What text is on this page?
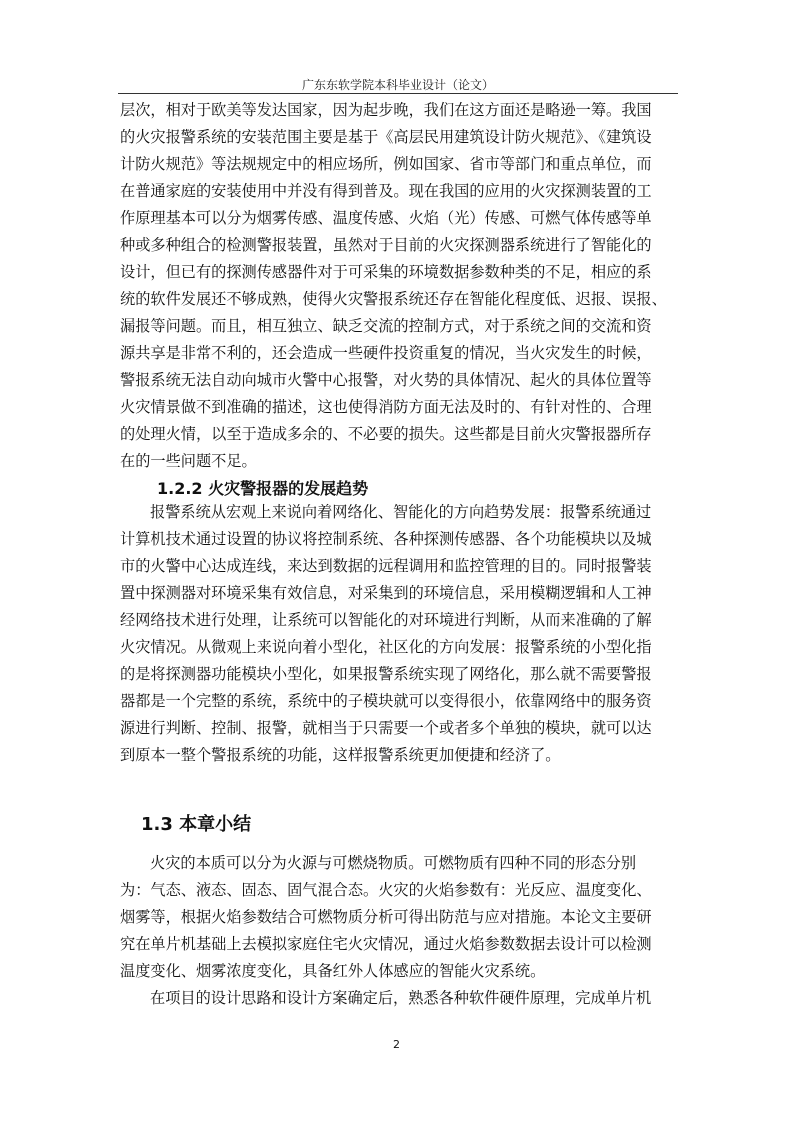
广东东软学院本科毕业设计（论文）
层次，相对于欧美等发达国家，因为起步晚，我们在这方面还是略逊一筹。我国
的火灾报警系统的安装范围主要是基于《高层民用建筑设计防火规范》、《建筑设
计防火规范》等法规规定中的相应场所，例如国家、省市等部门和重点单位，而
在普通家庭的安装使用中并没有得到普及。现在我国的应用的火灾探测装置的工
作原理基本可以分为烟雾传感、温度传感、火焰（光）传感、可燃气体传感等单
种或多种组合的检测警报装置，虽然对于目前的火灾探测器系统进行了智能化的
设计，但已有的探测传感器件对于可采集的环境数据参数种类的不足，相应的系
统的软件发展还不够成熟，使得火灾警报系统还存在智能化程度低、迟报、误报、
漏报等问题。而且，相互独立、缺乏交流的控制方式，对于系统之间的交流和资
源共享是非常不利的，还会造成一些硬件投资重复的情况，当火灾发生的时候，
警报系统无法自动向城市火警中心报警，对火势的具体情况、起火的具体位置等
火灾情景做不到准确的描述，这也使得消防方面无法及时的、有针对性的、合理
的处理火情，以至于造成多余的、不必要的损失。这些都是目前火灾警报器所存
在的一些问题不足。
1.2.2 火灾警报器的发展趋势
报警系统从宏观上来说向着网络化、智能化的方向趋势发展：报警系统通过
计算机技术通过设置的协议将控制系统、各种探测传感器、各个功能模块以及城
市的火警中心达成连线，来达到数据的远程调用和监控管理的目的。同时报警装
置中探测器对环境采集有效信息，对采集到的环境信息，采用模糊逻辑和人工神
经网络技术进行处理，让系统可以智能化的对环境进行判断，从而来准确的了解
火灾情况。从微观上来说向着小型化，社区化的方向发展：报警系统的小型化指
的是将探测器功能模块小型化，如果报警系统实现了网络化，那么就不需要警报
器都是一个完整的系统，系统中的子模块就可以变得很小，依靠网络中的服务资
源进行判断、控制、报警，就相当于只需要一个或者多个单独的模块，就可以达
到原本一整个警报系统的功能，这样报警系统更加便捷和经济了。
1.3 本章小结
火灾的本质可以分为火源与可燃烧物质。可燃物质有四种不同的形态分别
为：气态、液态、固态、固气混合态。火灾的火焰参数有：光反应、温度变化、
烟雾等，根据火焰参数结合可燃物质分析可得出防范与应对措施。本论文主要研
究在单片机基础上去模拟家庭住宅火灾情况，通过火焰参数数据去设计可以检测
温度变化、烟雾浓度变化，具备红外人体感应的智能火灾系统。
在项目的设计思路和设计方案确定后，熟悉各种软件硬件原理，完成单片机
2
